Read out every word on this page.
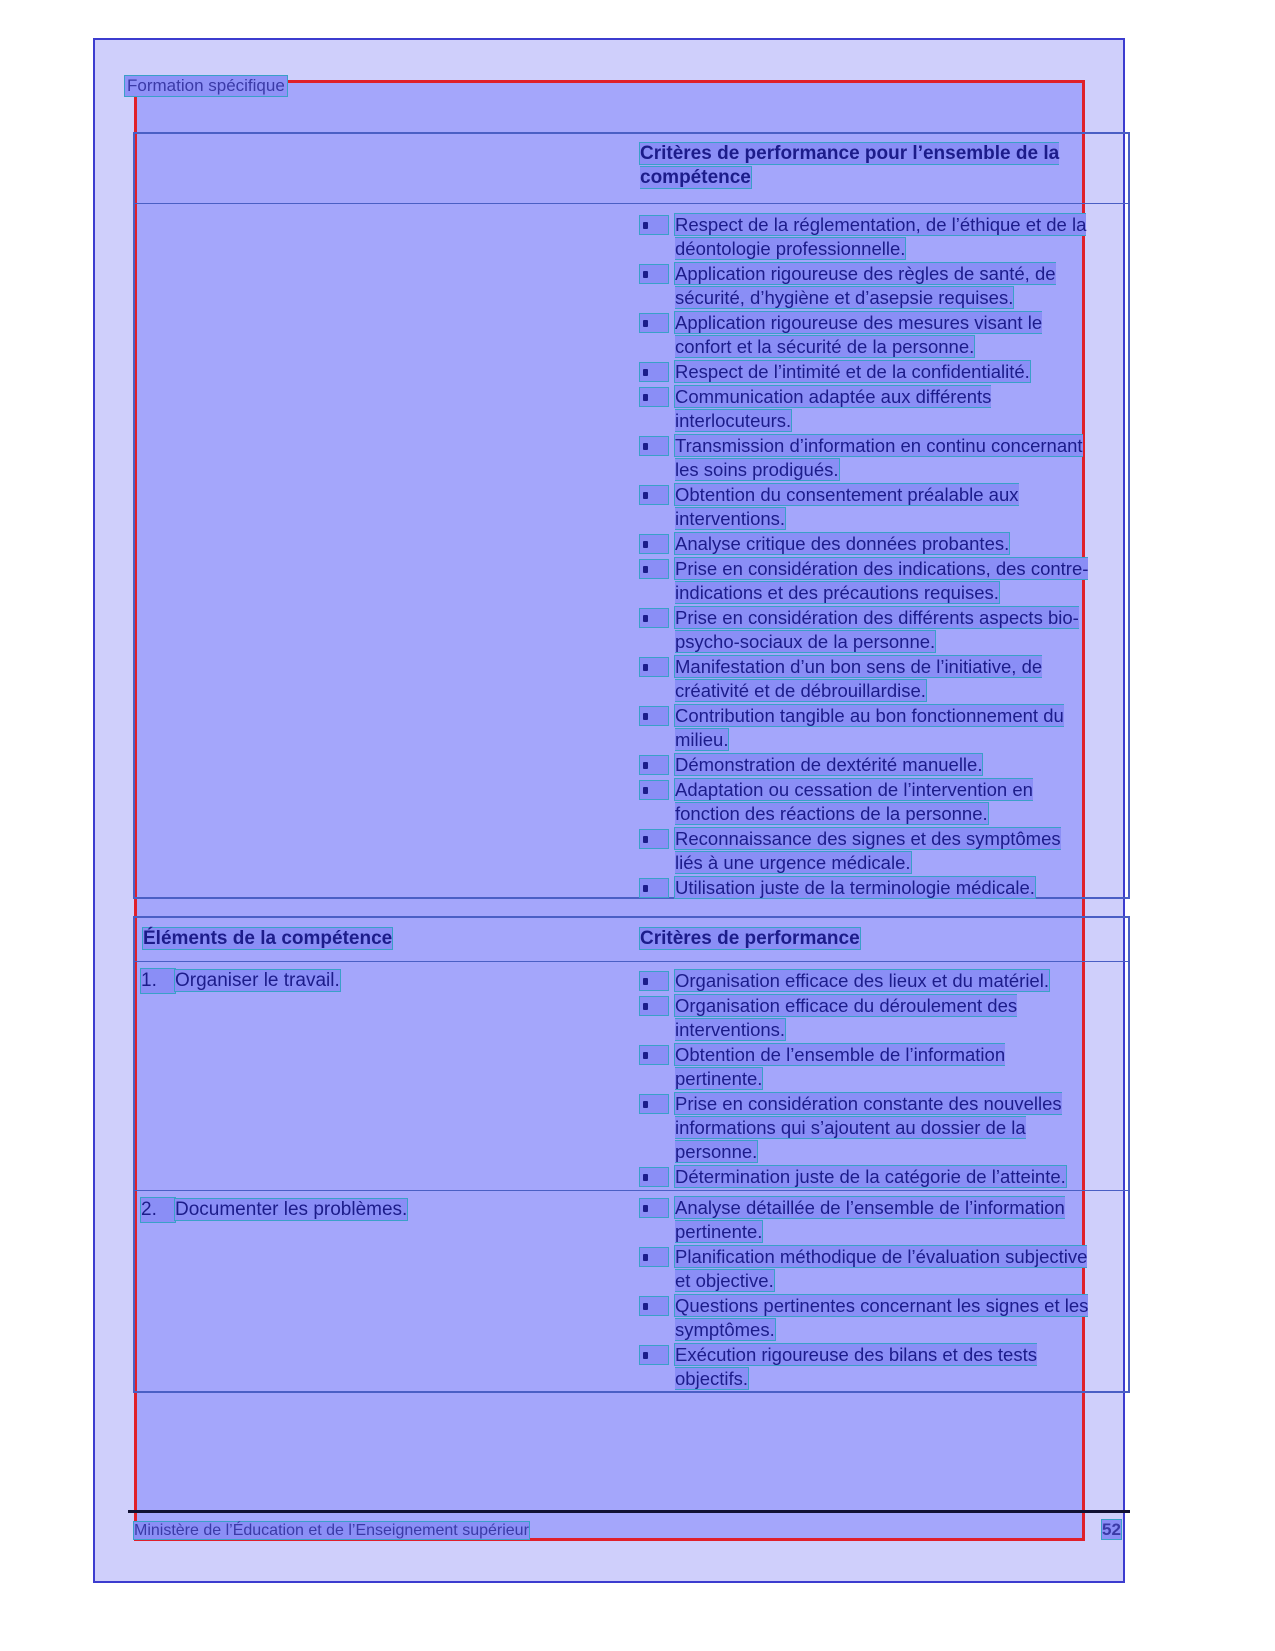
Formation spécifique
Critères de performance pour l’ensemble de la compétence
Respect de la réglementation, de l’éthique et de la déontologie professionnelle.
Application rigoureuse des règles de santé, de sécurité, d’hygiène et d’asepsie requises.
Application rigoureuse des mesures visant le confort et la sécurité de la personne.
Respect de l’intimité et de la confidentialité.
Communication adaptée aux différents interlocuteurs.
Transmission d’information en continu concernant les soins prodigués.
Obtention du consentement préalable aux interventions.
Analyse critique des données probantes.
Prise en considération des indications, des contre-indications et des précautions requises.
Prise en considération des différents aspects bio-psycho-sociaux de la personne.
Manifestation d’un bon sens de l’initiative, de créativité et de débrouillardise.
Contribution tangible au bon fonctionnement du milieu.
Démonstration de dextérité manuelle.
Adaptation ou cessation de l’intervention en fonction des réactions de la personne.
Reconnaissance des signes et des symptômes liés à une urgence médicale.
Utilisation juste de la terminologie médicale.
Éléments de la compétence	Critères de performance
1. Organiser le travail.	Organisation efficace des lieux et du matériel.
Organisation efficace du déroulement des interventions.
Obtention de l’ensemble de l’information pertinente.
Prise en considération constante des nouvelles informations qui s’ajoutent au dossier de la personne.
Détermination juste de la catégorie de l’atteinte.
2. Documenter les problèmes.	Analyse détaillée de l’ensemble de l’information pertinente.
Planification méthodique de l’évaluation subjective et objective.
Questions pertinentes concernant les signes et les symptômes.
Exécution rigoureuse des bilans et des tests objectifs.
Ministère de l’Éducation et de l’Enseignement supérieur	52
